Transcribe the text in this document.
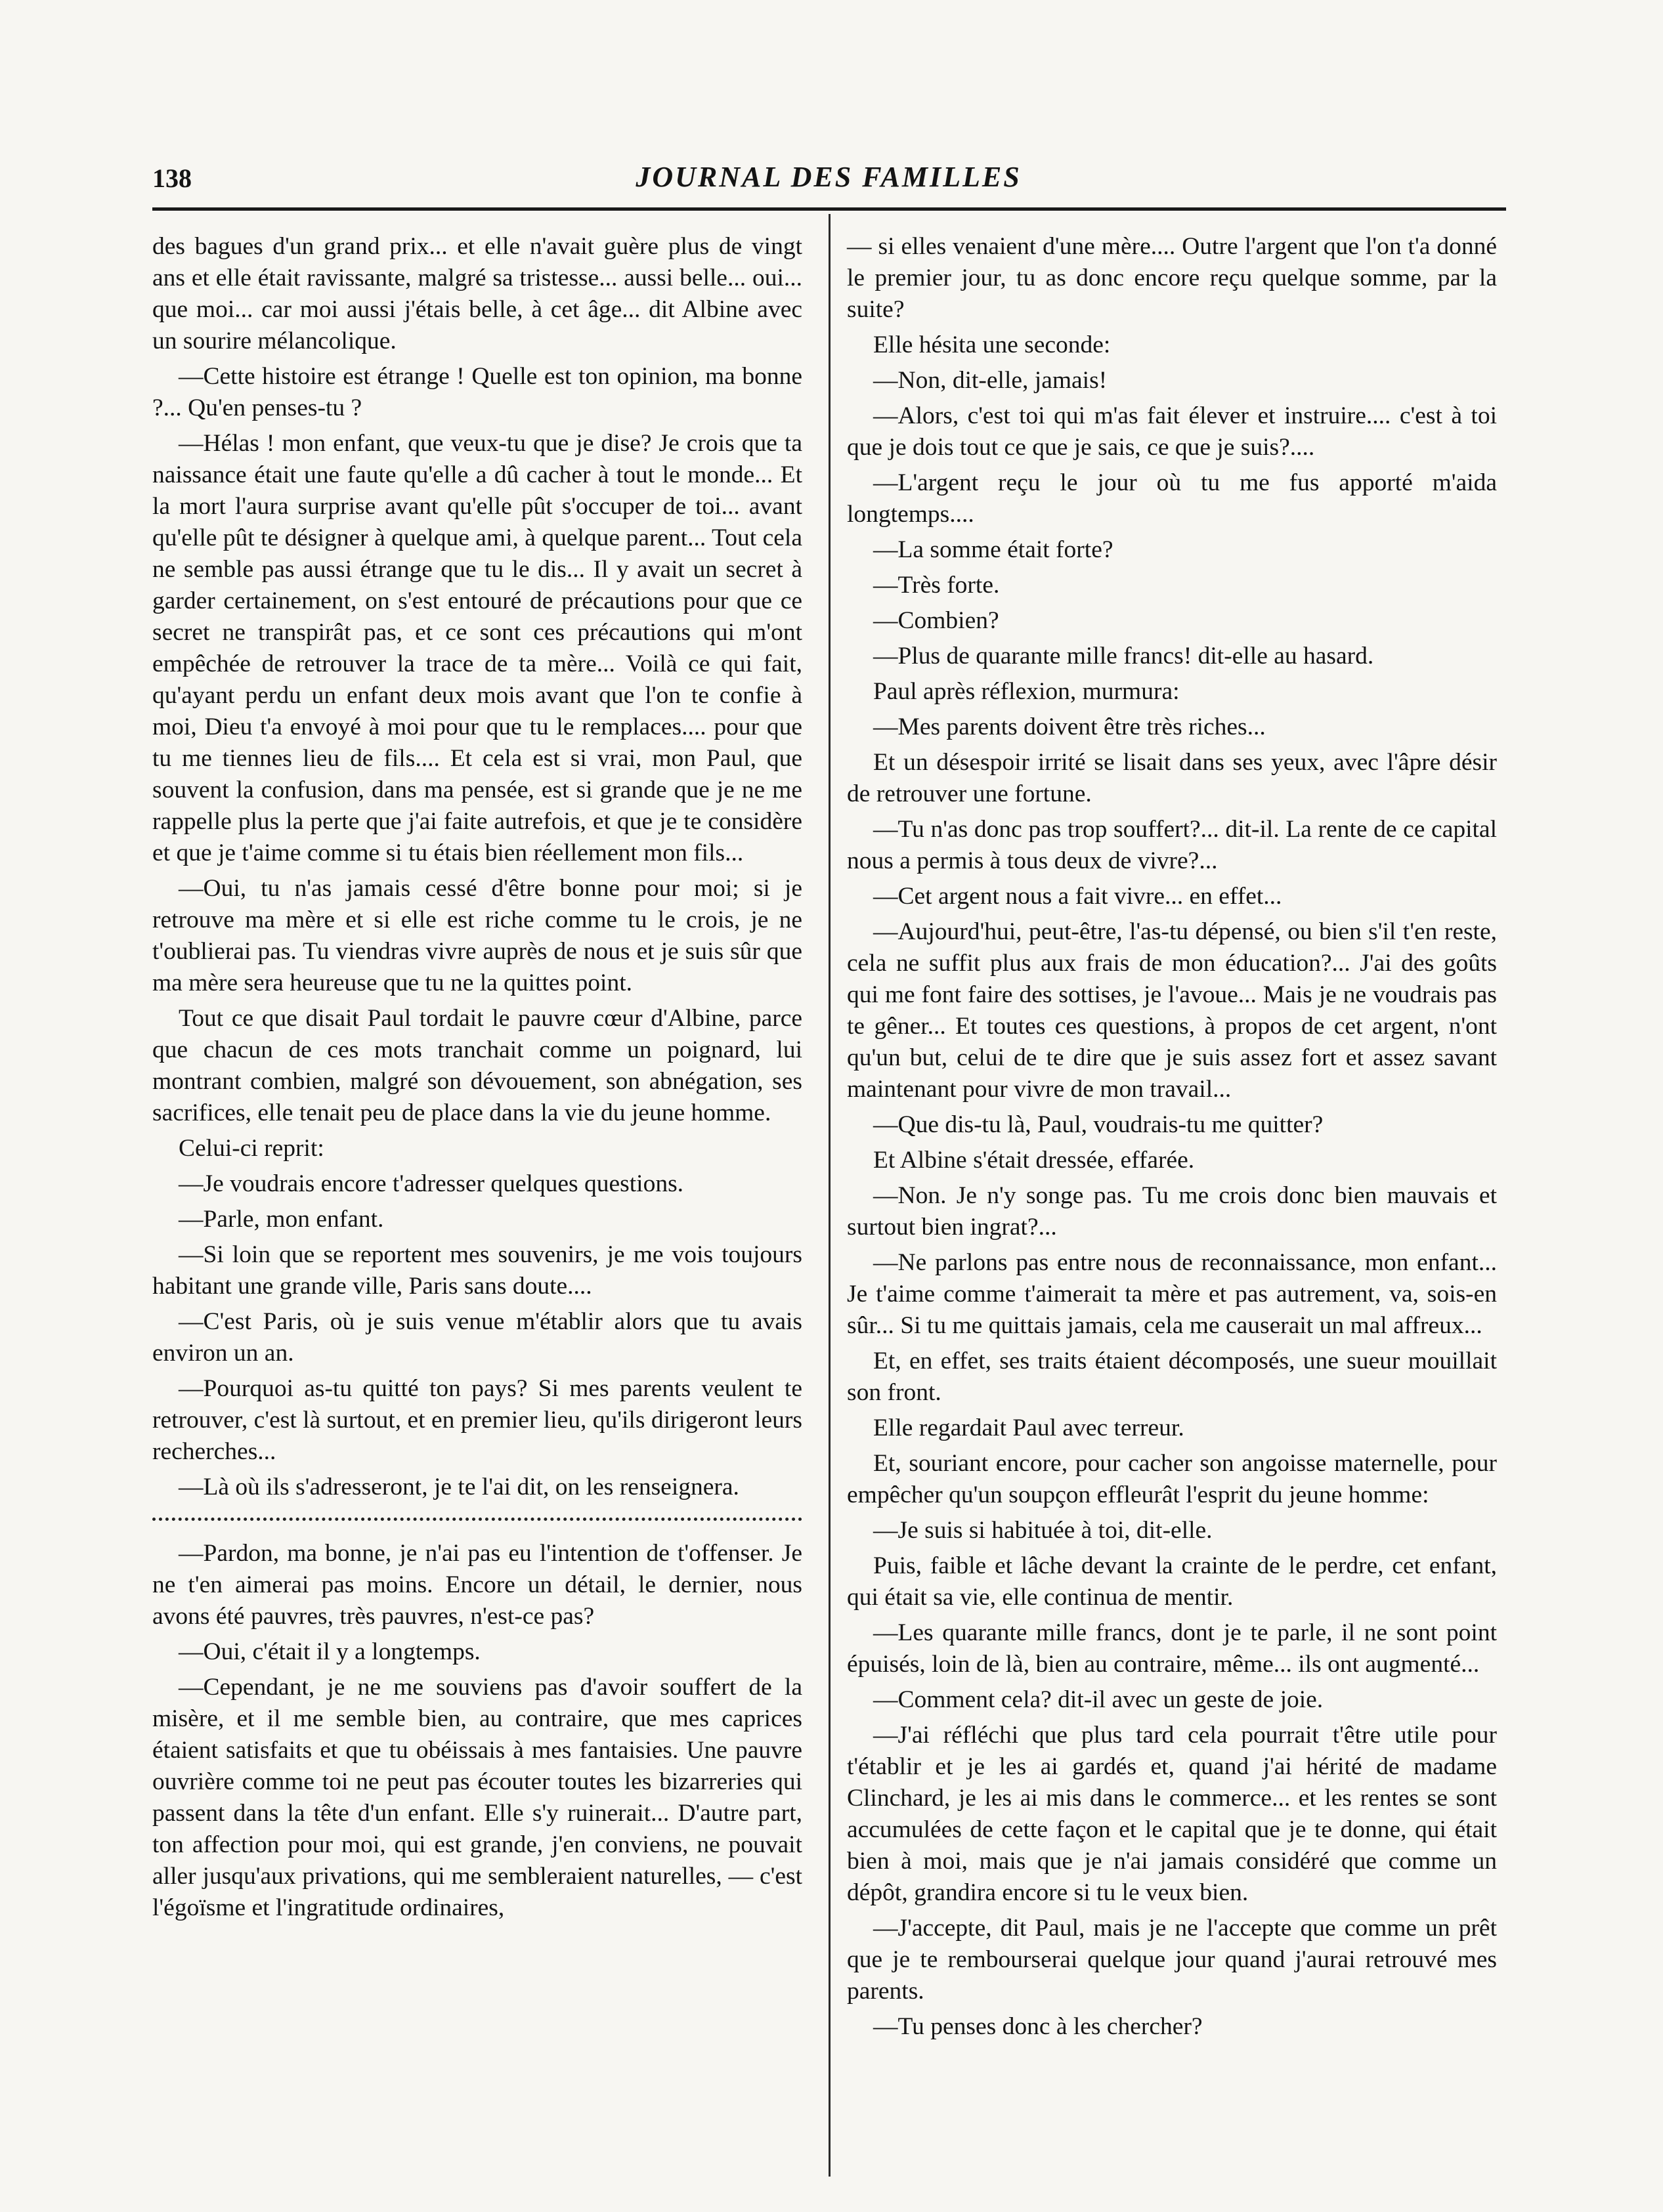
138	JOURNAL DES FAMILLES

des bagues d'un grand prix... et elle n'avait guère plus de vingt ans et elle était ravissante, malgré sa tristesse... aussi belle... oui... que moi... car moi aussi j'étais belle, à cet âge... dit Albine avec un sourire mélancolique.

—Cette histoire est étrange ! Quelle est ton opinion, ma bonne ?... Qu'en penses-tu ?

—Hélas ! mon enfant, que veux-tu que je dise? Je crois que ta naissance était une faute qu'elle a dû cacher à tout le monde... Et la mort l'aura surprise avant qu'elle pût s'occuper de toi... avant qu'elle pût te désigner à quelque ami, à quelque parent... Tout cela ne semble pas aussi étrange que tu le dis... Il y avait un secret à garder certainement, on s'est entouré de précautions pour que ce secret ne transpirât pas, et ce sont ces précautions qui m'ont empêchée de retrouver la trace de ta mère... Voilà ce qui fait, qu'ayant perdu un enfant deux mois avant que l'on te confie à moi, Dieu t'a envoyé à moi pour que tu le remplaces.... pour que tu me tiennes lieu de fils.... Et cela est si vrai, mon Paul, que souvent la confusion, dans ma pensée, est si grande que je ne me rappelle plus la perte que j'ai faite autrefois, et que je te considère et que je t'aime comme si tu étais bien réellement mon fils...

—Oui, tu n'as jamais cessé d'être bonne pour moi; si je retrouve ma mère et si elle est riche comme tu le crois, je ne t'oublierai pas. Tu viendras vivre auprès de nous et je suis sûr que ma mère sera heureuse que tu ne la quittes point.

Tout ce que disait Paul tordait le pauvre cœur d'Albine, parce que chacun de ces mots tranchait comme un poignard, lui montrant combien, malgré son dévouement, son abnégation, ses sacrifices, elle tenait peu de place dans la vie du jeune homme.

Celui-ci reprit:

—Je voudrais encore t'adresser quelques questions.

—Parle, mon enfant.

—Si loin que se reportent mes souvenirs, je me vois toujours habitant une grande ville, Paris sans doute....

—C'est Paris, où je suis venue m'établir alors que tu avais environ un an.

—Pourquoi as-tu quitté ton pays? Si mes parents veulent te retrouver, c'est là surtout, et en premier lieu, qu'ils dirigeront leurs recherches...

—Là où ils s'adresseront, je te l'ai dit, on les renseignera.

—Pardon, ma bonne, je n'ai pas eu l'intention de t'offenser. Je ne t'en aimerai pas moins. Encore un détail, le dernier, nous avons été pauvres, très pauvres, n'est-ce pas?

—Oui, c'était il y a longtemps.

—Cependant, je ne me souviens pas d'avoir souffert de la misère, et il me semble bien, au contraire, que mes caprices étaient satisfaits et que tu obéissais à mes fantaisies. Une pauvre ouvrière comme toi ne peut pas écouter toutes les bizarreries qui passent dans la tête d'un enfant. Elle s'y ruinerait... D'autre part, ton affection pour moi, qui est grande, j'en conviens, ne pouvait aller jusqu'aux privations, qui me sembleraient naturelles, — c'est l'égoïsme et l'ingratitude ordinaires,

— si elles venaient d'une mère.... Outre l'argent que l'on t'a donné le premier jour, tu as donc encore reçu quelque somme, par la suite?

Elle hésita une seconde:

—Non, dit-elle, jamais!

—Alors, c'est toi qui m'as fait élever et instruire.... c'est à toi que je dois tout ce que je sais, ce que je suis?....

—L'argent reçu le jour où tu me fus apporté m'aida longtemps....

—La somme était forte?

—Très forte.

—Combien?

—Plus de quarante mille francs! dit-elle au hasard.

Paul après réflexion, murmura:

—Mes parents doivent être très riches...

Et un désespoir irrité se lisait dans ses yeux, avec l'âpre désir de retrouver une fortune.

—Tu n'as donc pas trop souffert?... dit-il. La rente de ce capital nous a permis à tous deux de vivre?...

—Cet argent nous a fait vivre... en effet...

—Aujourd'hui, peut-être, l'as-tu dépensé, ou bien s'il t'en reste, cela ne suffit plus aux frais de mon éducation?... J'ai des goûts qui me font faire des sottises, je l'avoue... Mais je ne voudrais pas te gêner... Et toutes ces questions, à propos de cet argent, n'ont qu'un but, celui de te dire que je suis assez fort et assez savant maintenant pour vivre de mon travail...

—Que dis-tu là, Paul, voudrais-tu me quitter?

Et Albine s'était dressée, effarée.

—Non. Je n'y songe pas. Tu me crois donc bien mauvais et surtout bien ingrat?...

—Ne parlons pas entre nous de reconnaissance, mon enfant... Je t'aime comme t'aimerait ta mère et pas autrement, va, sois-en sûr... Si tu me quittais jamais, cela me causerait un mal affreux...

Et, en effet, ses traits étaient décomposés, une sueur mouillait son front.

Elle regardait Paul avec terreur.

Et, souriant encore, pour cacher son angoisse maternelle, pour empêcher qu'un soupçon effleurât l'esprit du jeune homme:

—Je suis si habituée à toi, dit-elle.

Puis, faible et lâche devant la crainte de le perdre, cet enfant, qui était sa vie, elle continua de mentir.

—Les quarante mille francs, dont je te parle, il ne sont point épuisés, loin de là, bien au contraire, même... ils ont augmenté...

—Comment cela? dit-il avec un geste de joie.

—J'ai réfléchi que plus tard cela pourrait t'être utile pour t'établir et je les ai gardés et, quand j'ai hérité de madame Clinchard, je les ai mis dans le commerce... et les rentes se sont accumulées de cette façon et le capital que je te donne, qui était bien à moi, mais que je n'ai jamais considéré que comme un dépôt, grandira encore si tu le veux bien.

—J'accepte, dit Paul, mais je ne l'accepte que comme un prêt que je te rembourserai quelque jour quand j'aurai retrouvé mes parents.

—Tu penses donc à les chercher?
